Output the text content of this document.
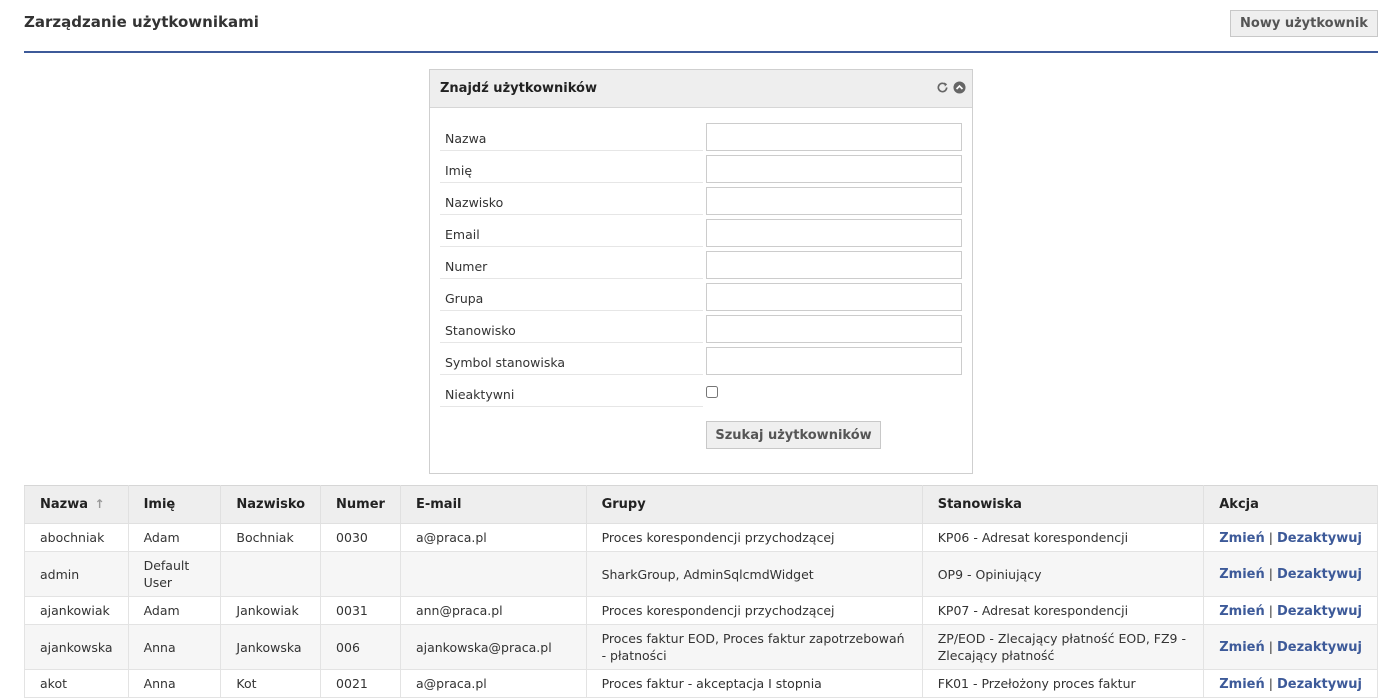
Zarządzanie użytkownikami	Nowy użytkownik
Znajdź użytkowników
Nazwa
Imię
Nazwisko
Email
Numer
Grupa
Stanowisko
Symbol stanowiska
Nieaktywni
Szukaj użytkowników
Nazwa ↑	Imię	Nazwisko	Numer	E-mail	Grupy	Stanowiska	Akcja
abochniak	Adam	Bochniak	0030	a@praca.pl	Proces korespondencji przychodzącej	KP06 - Adresat korespondencji	Zmień | Dezaktywuj
admin	Default User				SharkGroup, AdminSqlcmdWidget	OP9 - Opiniujący	Zmień | Dezaktywuj
ajankowiak	Adam	Jankowiak	0031	ann@praca.pl	Proces korespondencji przychodzącej	KP07 - Adresat korespondencji	Zmień | Dezaktywuj
ajankowska	Anna	Jankowska	006	ajankowska@praca.pl	Proces faktur EOD, Proces faktur zapotrzebowań - płatności	ZP/EOD - Zlecający płatność EOD, FZ9 - Zlecający płatność	Zmień | Dezaktywuj
akot	Anna	Kot	0021	a@praca.pl	Proces faktur - akceptacja I stopnia	FK01 - Przełożony proces faktur	Zmień | Dezaktywuj
